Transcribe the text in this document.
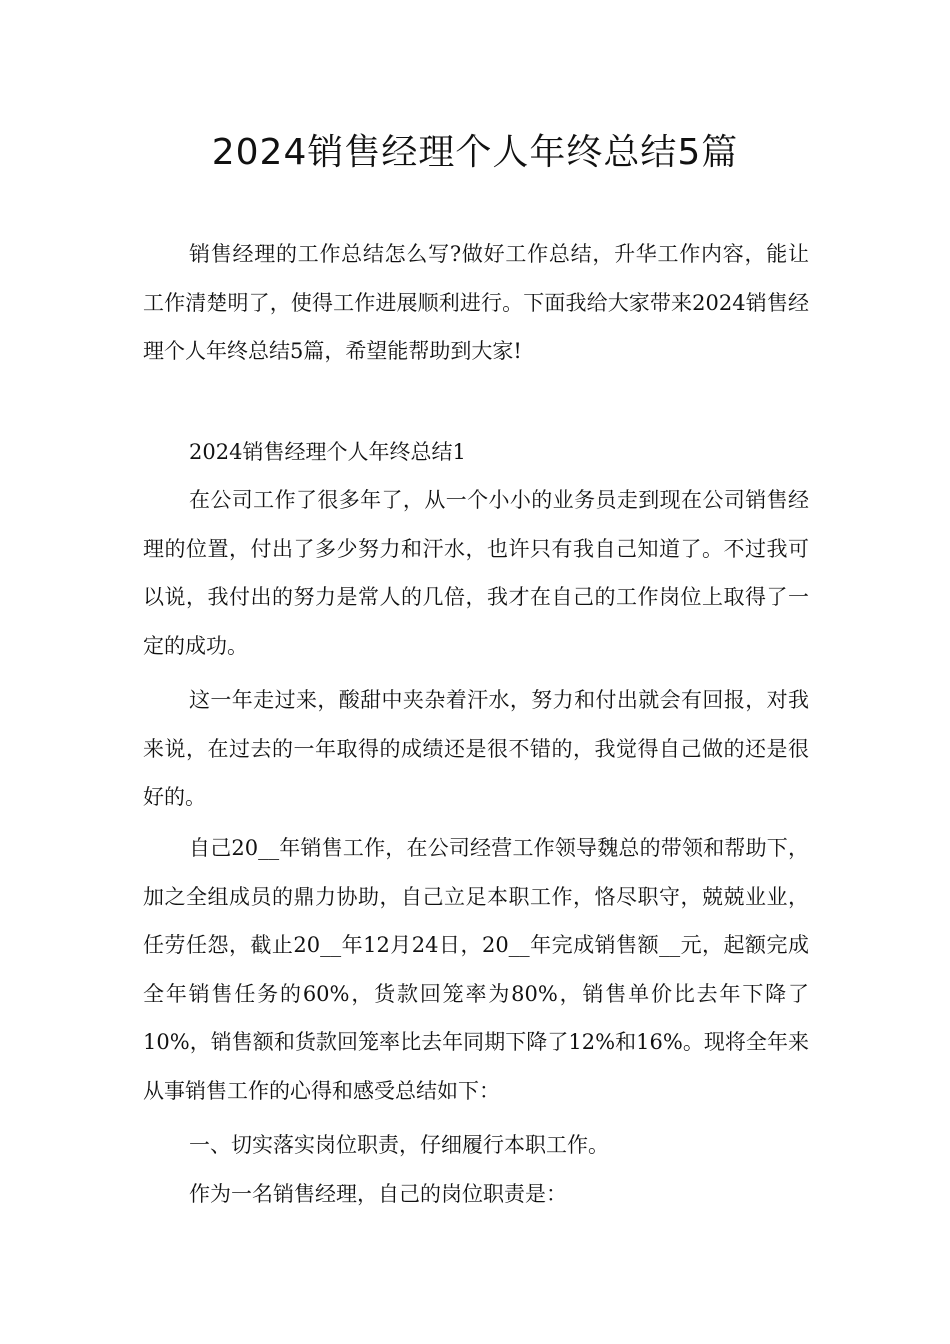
2024销售经理个人年终总结5篇

销售经理的工作总结怎么写?做好工作总结，升华工作内容，能让工作清楚明了，使得工作进展顺利进行。下面我给大家带来2024销售经理个人年终总结5篇，希望能帮助到大家!

2024销售经理个人年终总结1

在公司工作了很多年了，从一个小小的业务员走到现在公司销售经理的位置，付出了多少努力和汗水，也许只有我自己知道了。不过我可以说，我付出的努力是常人的几倍，我才在自己的工作岗位上取得了一定的成功。

这一年走过来，酸甜中夹杂着汗水，努力和付出就会有回报，对我来说，在过去的一年取得的成绩还是很不错的，我觉得自己做的还是很好的。

自己20__年销售工作，在公司经营工作领导魏总的带领和帮助下，加之全组成员的鼎力协助，自己立足本职工作，恪尽职守，兢兢业业，任劳任怨，截止20__年12月24日，20__年完成销售额__元，起额完成全年销售任务的60%，货款回笼率为80%，销售单价比去年下降了10%，销售额和货款回笼率比去年同期下降了12%和16%。现将全年来从事销售工作的心得和感受总结如下：

一、切实落实岗位职责，仔细履行本职工作。

作为一名销售经理，自己的岗位职责是：
